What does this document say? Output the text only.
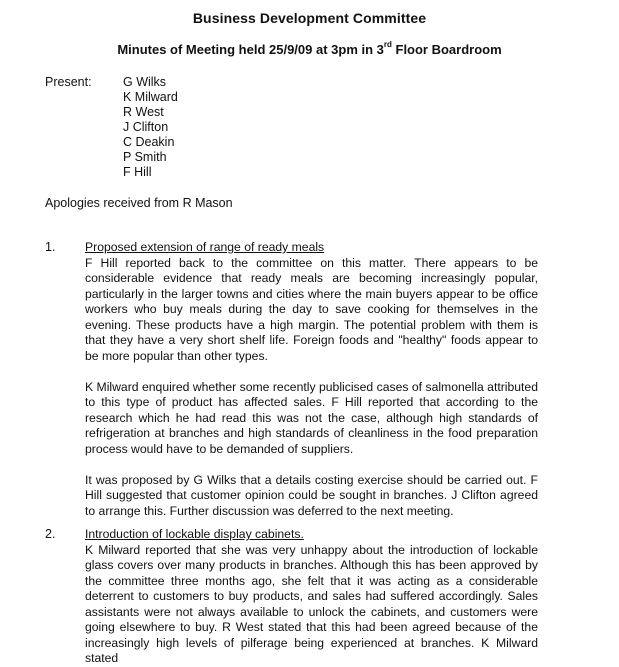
Business Development Committee
Minutes of Meeting held 25/9/09 at 3pm in 3rd Floor Boardroom
Present:	G Wilks
K Milward
R West
J Clifton
C Deakin
P Smith
F Hill
Apologies received from R Mason
1. Proposed extension of range of ready meals

F Hill reported back to the committee on this matter. There appears to be considerable evidence that ready meals are becoming increasingly popular, particularly in the larger towns and cities where the main buyers appear to be office workers who buy meals during the day to save cooking for themselves in the evening. These products have a high margin. The potential problem with them is that they have a very short shelf life. Foreign foods and "healthy" foods appear to be more popular than other types.

K Milward enquired whether some recently publicised cases of salmonella attributed to this type of product has affected sales. F Hill reported that according to the research which he had read this was not the case, although high standards of refrigeration at branches and high standards of cleanliness in the food preparation process would have to be demanded of suppliers.

It was proposed by G Wilks that a details costing exercise should be carried out. F Hill suggested that customer opinion could be sought in branches. J Clifton agreed to arrange this. Further discussion was deferred to the next meeting.

2. Introduction of lockable display cabinets.

K Milward reported that she was very unhappy about the introduction of lockable glass covers over many products in branches. Although this has been approved by the committee three months ago, she felt that it was acting as a considerable deterrent to customers to buy products, and sales had suffered accordingly. Sales assistants were not always available to unlock the cabinets, and customers were going elsewhere to buy. R West stated that this had been agreed because of the increasingly high levels of pilferage being experienced at branches. K Milward stated
